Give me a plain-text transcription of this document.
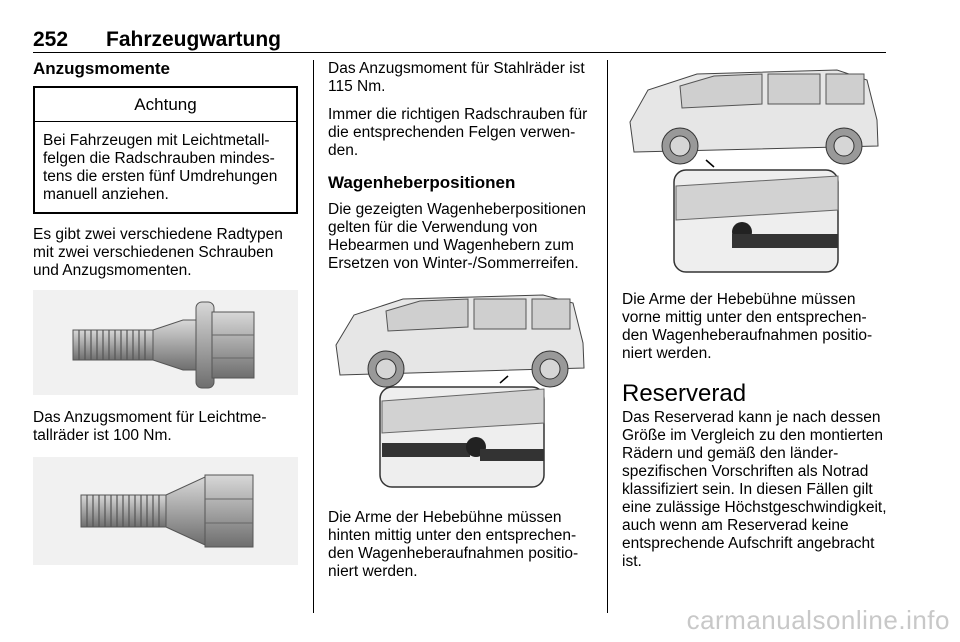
252 Fahrzeugwartung
Anzugsmomente
Achtung
Bei Fahrzeugen mit Leichtmetallfelgen die Radschrauben mindestens die ersten fünf Umdrehungen manuell anziehen.

Es gibt zwei verschiedene Radtypen mit zwei verschiedenen Schrauben und Anzugsmomenten.

Das Anzugsmoment für Leichtmetallräder ist 100 Nm.

Das Anzugsmoment für Stahlräder ist 115 Nm.

Immer die richtigen Radschrauben für die entsprechenden Felgen verwenden.

Wagenheberpositionen

Die gezeigten Wagenheberpositionen gelten für die Verwendung von Hebearmen und Wagenhebern zum Ersetzen von Winter-/Sommerreifen.

Die Arme der Hebebühne müssen hinten mittig unter den entsprechenden Wagenheberaufnahmen positioniert werden.

Die Arme der Hebebühne müssen vorne mittig unter den entsprechenden Wagenheberaufnahmen positioniert werden.

Reserverad

Das Reserverad kann je nach dessen Größe im Vergleich zu den montierten Rädern und gemäß den länderspezifischen Vorschriften als Notrad klassifiziert sein. In diesen Fällen gilt eine zulässige Höchstgeschwindigkeit, auch wenn am Reserverad keine entsprechende Aufschrift angebracht ist.

carmanualsonline.info
